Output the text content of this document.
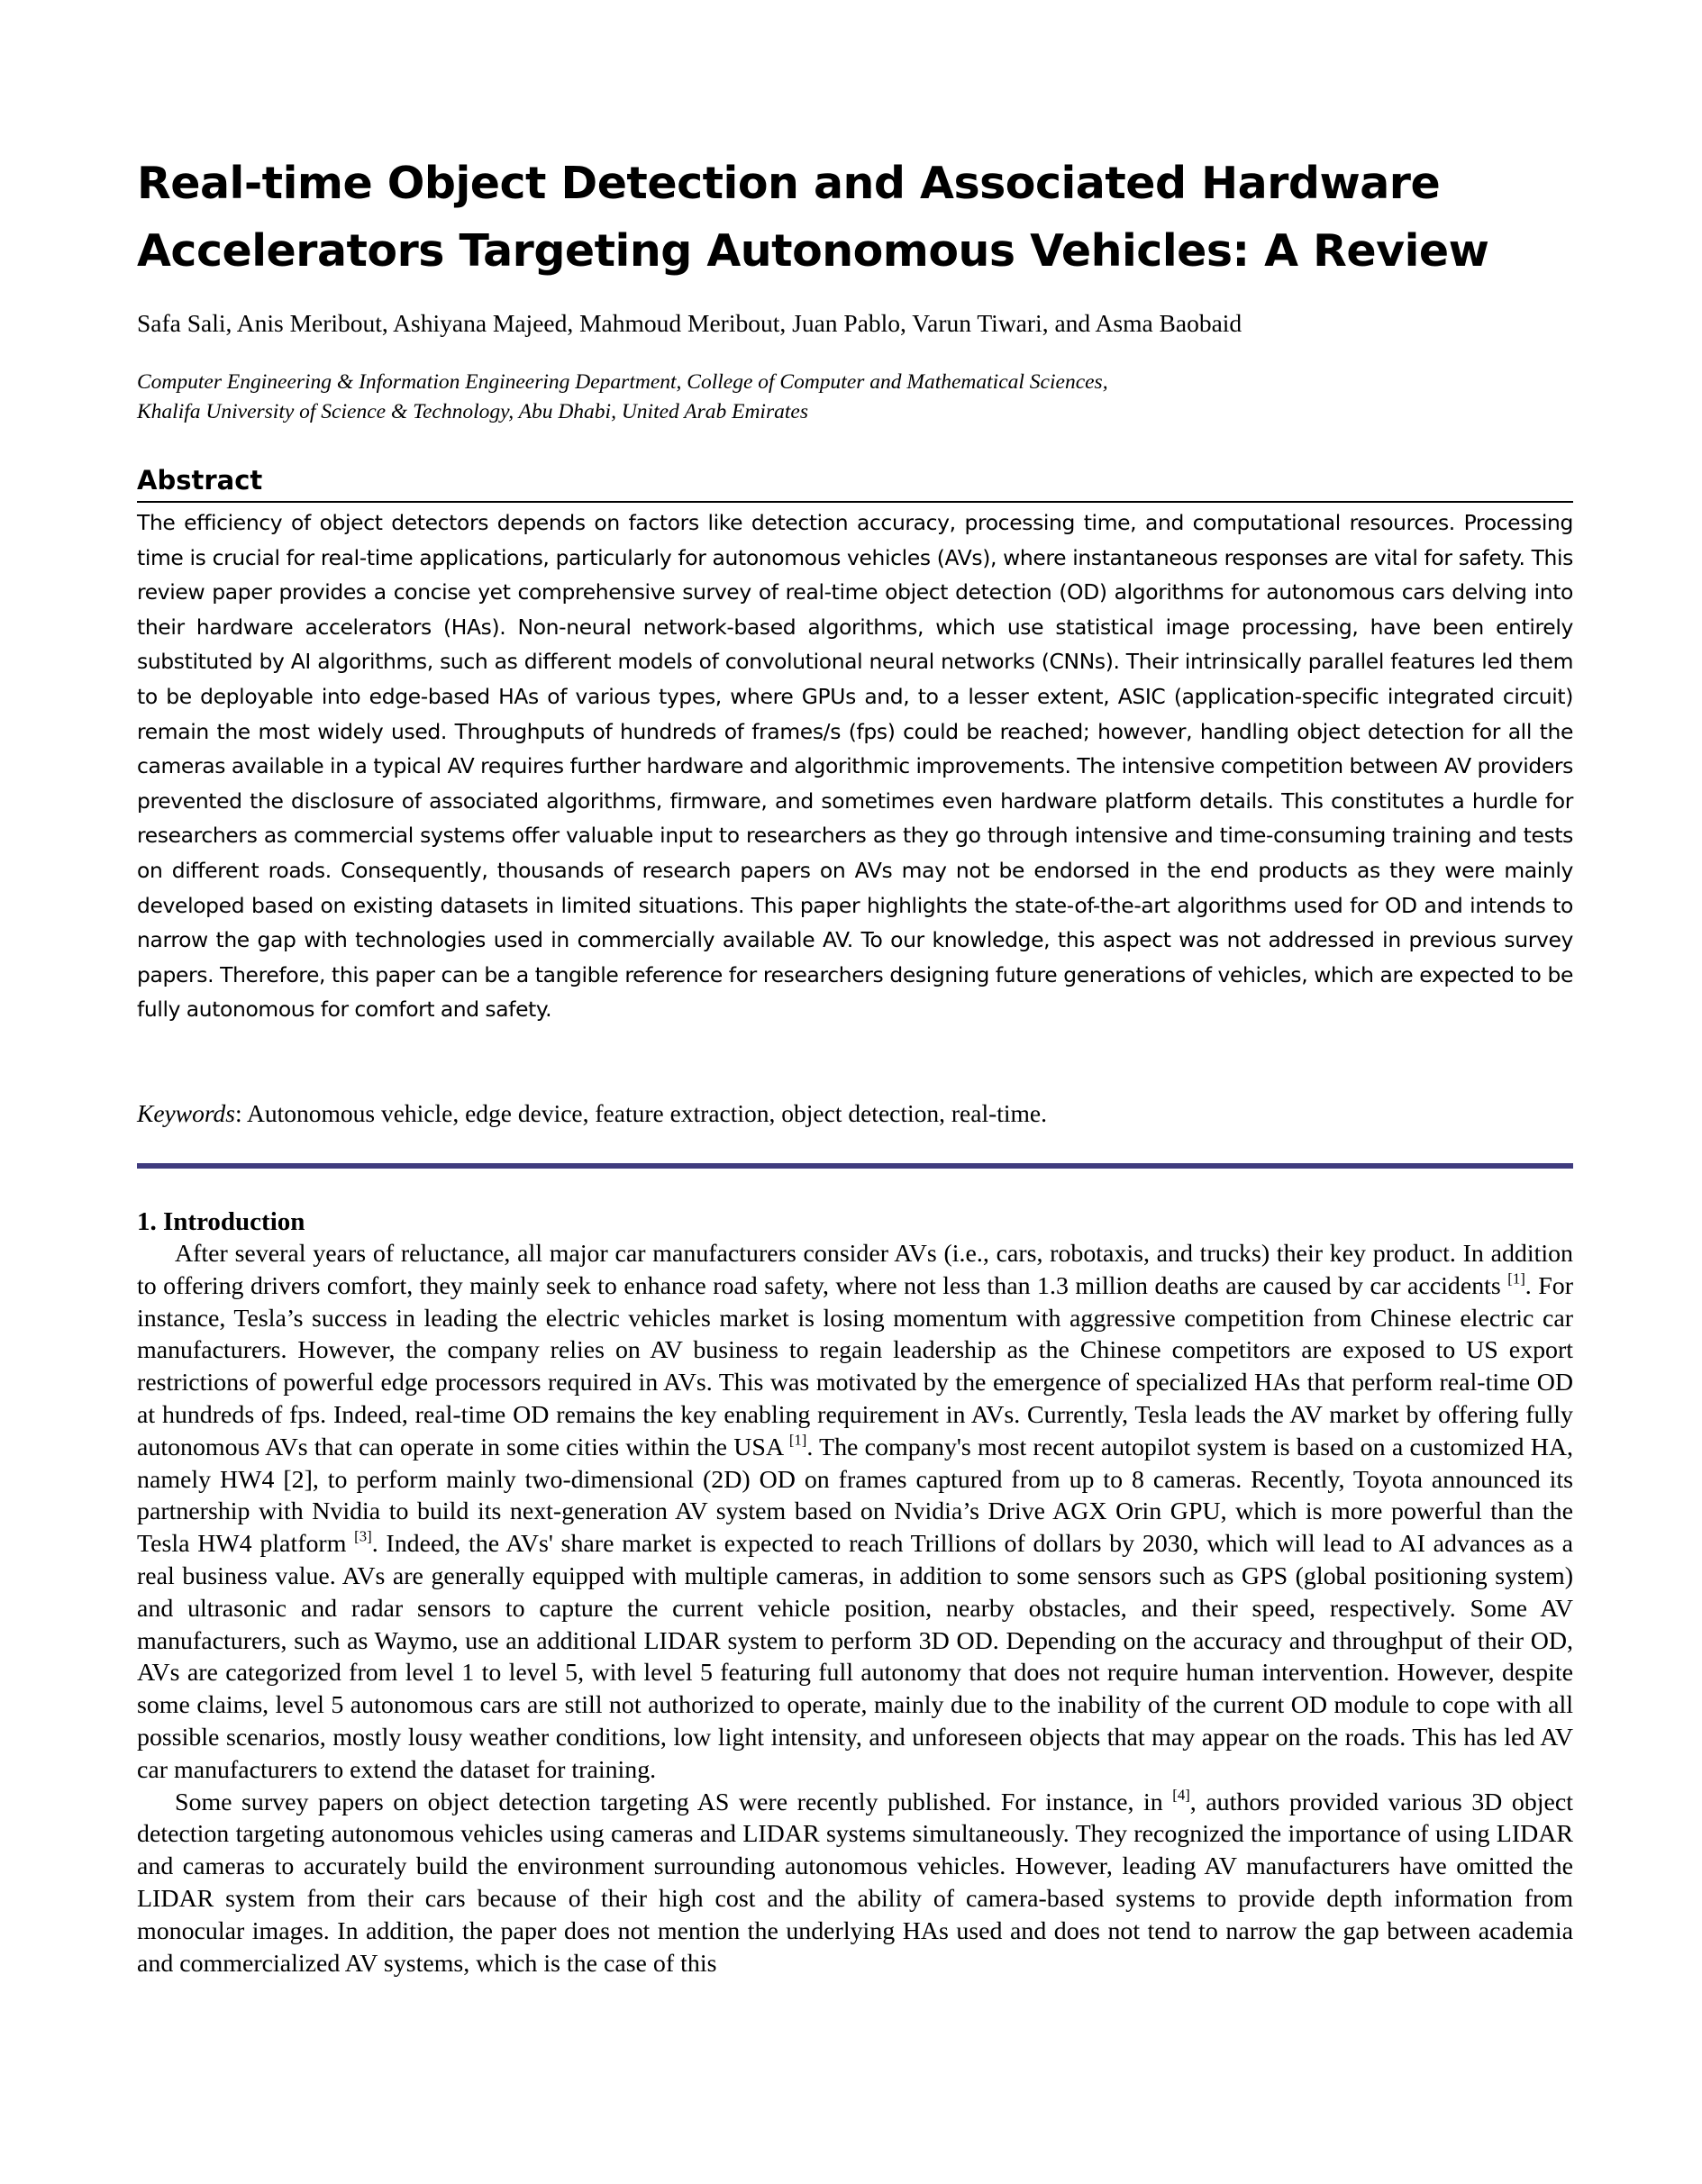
Real-time Object Detection and Associated Hardware
Accelerators Targeting Autonomous Vehicles: A Review
Safa Sali, Anis Meribout, Ashiyana Majeed, Mahmoud Meribout, Juan Pablo, Varun Tiwari, and Asma Baobaid
Computer Engineering & Information Engineering Department, College of Computer and Mathematical Sciences,
Khalifa University of Science & Technology, Abu Dhabi, United Arab Emirates
Abstract
The efficiency of object detectors depends on factors like detection accuracy, processing time, and computational resources. Processing time is crucial for real-time applications, particularly for autonomous vehicles (AVs), where instantaneous responses are vital for safety. This review paper provides a concise yet comprehensive survey of real-time object detection (OD) algorithms for autonomous cars delving into their hardware accelerators (HAs). Non-neural network-based algorithms, which use statistical image processing, have been entirely substituted by AI algorithms, such as different models of convolutional neural networks (CNNs). Their intrinsically parallel features led them to be deployable into edge-based HAs of various types, where GPUs and, to a lesser extent, ASIC (application-specific integrated circuit) remain the most widely used. Throughputs of hundreds of frames/s (fps) could be reached; however, handling object detection for all the cameras available in a typical AV requires further hardware and algorithmic improvements. The intensive competition between AV providers prevented the disclosure of associated algorithms, firmware, and sometimes even hardware platform details. This constitutes a hurdle for researchers as commercial systems offer valuable input to researchers as they go through intensive and time-consuming training and tests on different roads. Consequently, thousands of research papers on AVs may not be endorsed in the end products as they were mainly developed based on existing datasets in limited situations. This paper highlights the state-of-the-art algorithms used for OD and intends to narrow the gap with technologies used in commercially available AV. To our knowledge, this aspect was not addressed in previous survey papers. Therefore, this paper can be a tangible reference for researchers designing future generations of vehicles, which are expected to be fully autonomous for comfort and safety.
Keywords: Autonomous vehicle, edge device, feature extraction, object detection, real-time.
1. Introduction

After several years of reluctance, all major car manufacturers consider AVs (i.e., cars, robotaxis, and trucks) their key product. In addition to offering drivers comfort, they mainly seek to enhance road safety, where not less than 1.3 million deaths are caused by car accidents [1]. For instance, Tesla’s success in leading the electric vehicles market is losing momentum with aggressive competition from Chinese electric car manufacturers. However, the company relies on AV business to regain leadership as the Chinese competitors are exposed to US export restrictions of powerful edge processors required in AVs. This was motivated by the emergence of specialized HAs that perform real-time OD at hundreds of fps. Indeed, real-time OD remains the key enabling requirement in AVs. Currently, Tesla leads the AV market by offering fully autonomous AVs that can operate in some cities within the USA [1]. The company's most recent autopilot system is based on a customized HA, namely HW4 [2], to perform mainly two-dimensional (2D) OD on frames captured from up to 8 cameras. Recently, Toyota announced its partnership with Nvidia to build its next-generation AV system based on Nvidia’s Drive AGX Orin GPU, which is more powerful than the Tesla HW4 platform [3]. Indeed, the AVs' share market is expected to reach Trillions of dollars by 2030, which will lead to AI advances as a real business value. AVs are generally equipped with multiple cameras, in addition to some sensors such as GPS (global positioning system) and ultrasonic and radar sensors to capture the current vehicle position, nearby obstacles, and their speed, respectively. Some AV manufacturers, such as Waymo, use an additional LIDAR system to perform 3D OD. Depending on the accuracy and throughput of their OD, AVs are categorized from level 1 to level 5, with level 5 featuring full autonomy that does not require human intervention. However, despite some claims, level 5 autonomous cars are still not authorized to operate, mainly due to the inability of the current OD module to cope with all possible scenarios, mostly lousy weather conditions, low light intensity, and unforeseen objects that may appear on the roads. This has led AV car manufacturers to extend the dataset for training.

Some survey papers on object detection targeting AS were recently published. For instance, in [4], authors provided various 3D object detection targeting autonomous vehicles using cameras and LIDAR systems simultaneously. They recognized the importance of using LIDAR and cameras to accurately build the environment surrounding autonomous vehicles. However, leading AV manufacturers have omitted the LIDAR system from their cars because of their high cost and the ability of camera-based systems to provide depth information from monocular images. In addition, the paper does not mention the underlying HAs used and does not tend to narrow the gap between academia and commercialized AV systems, which is the case of this
